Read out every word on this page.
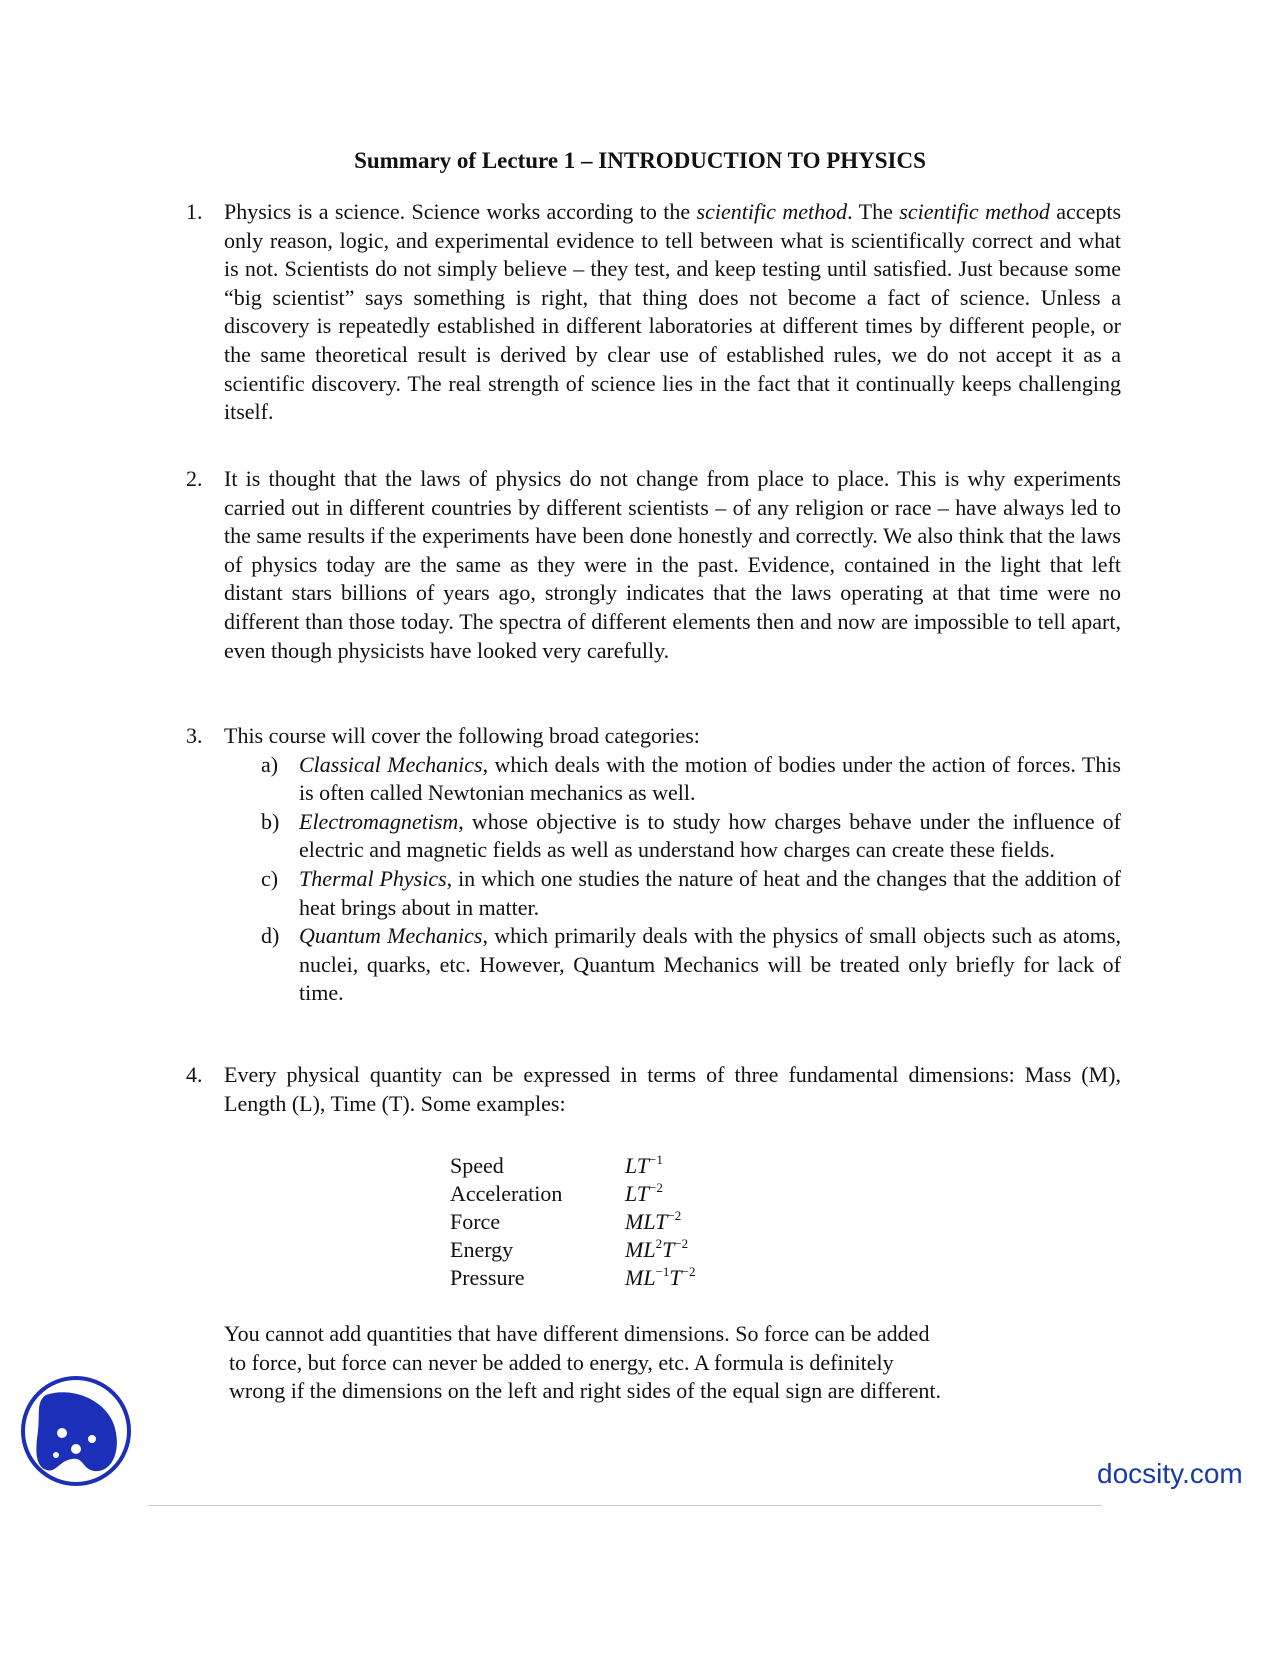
Summary of Lecture 1 – INTRODUCTION TO PHYSICS
1. Physics is a science. Science works according to the scientific method. The scientific method accepts only reason, logic, and experimental evidence to tell between what is scientifically correct and what is not. Scientists do not simply believe – they test, and keep testing until satisfied. Just because some “big scientist” says something is right, that thing does not become a fact of science. Unless a discovery is repeatedly established in different laboratories at different times by different people, or the same theoretical result is derived by clear use of established rules, we do not accept it as a scientific discovery. The real strength of science lies in the fact that it continually keeps challenging itself.
2. It is thought that the laws of physics do not change from place to place. This is why experiments carried out in different countries by different scientists – of any religion or race – have always led to the same results if the experiments have been done honestly and correctly. We also think that the laws of physics today are the same as they were in the past. Evidence, contained in the light that left distant stars billions of years ago, strongly indicates that the laws operating at that time were no different than those today. The spectra of different elements then and now are impossible to tell apart, even though physicists have looked very carefully.
3. This course will cover the following broad categories:
a) Classical Mechanics, which deals with the motion of bodies under the action of forces. This is often called Newtonian mechanics as well.
b) Electromagnetism, whose objective is to study how charges behave under the influence of electric and magnetic fields as well as understand how charges can create these fields.
c) Thermal Physics, in which one studies the nature of heat and the changes that the addition of heat brings about in matter.
d) Quantum Mechanics, which primarily deals with the physics of small objects such as atoms, nuclei, quarks, etc. However, Quantum Mechanics will be treated only briefly for lack of time.
4. Every physical quantity can be expressed in terms of three fundamental dimensions: Mass (M), Length (L), Time (T). Some examples:
Speed	$LT^{-1}$
Acceleration	$LT^{-2}$
Force	$MLT^{-2}$
Energy	$ML^2T^{-2}$
Pressure	$ML^{-1}T^{-2}$
You cannot add quantities that have different dimensions. So force can be added
to force, but force can never be added to energy, etc. A formula is definitely
wrong if the dimensions on the left and right sides of the equal sign are different.
docsity.com
